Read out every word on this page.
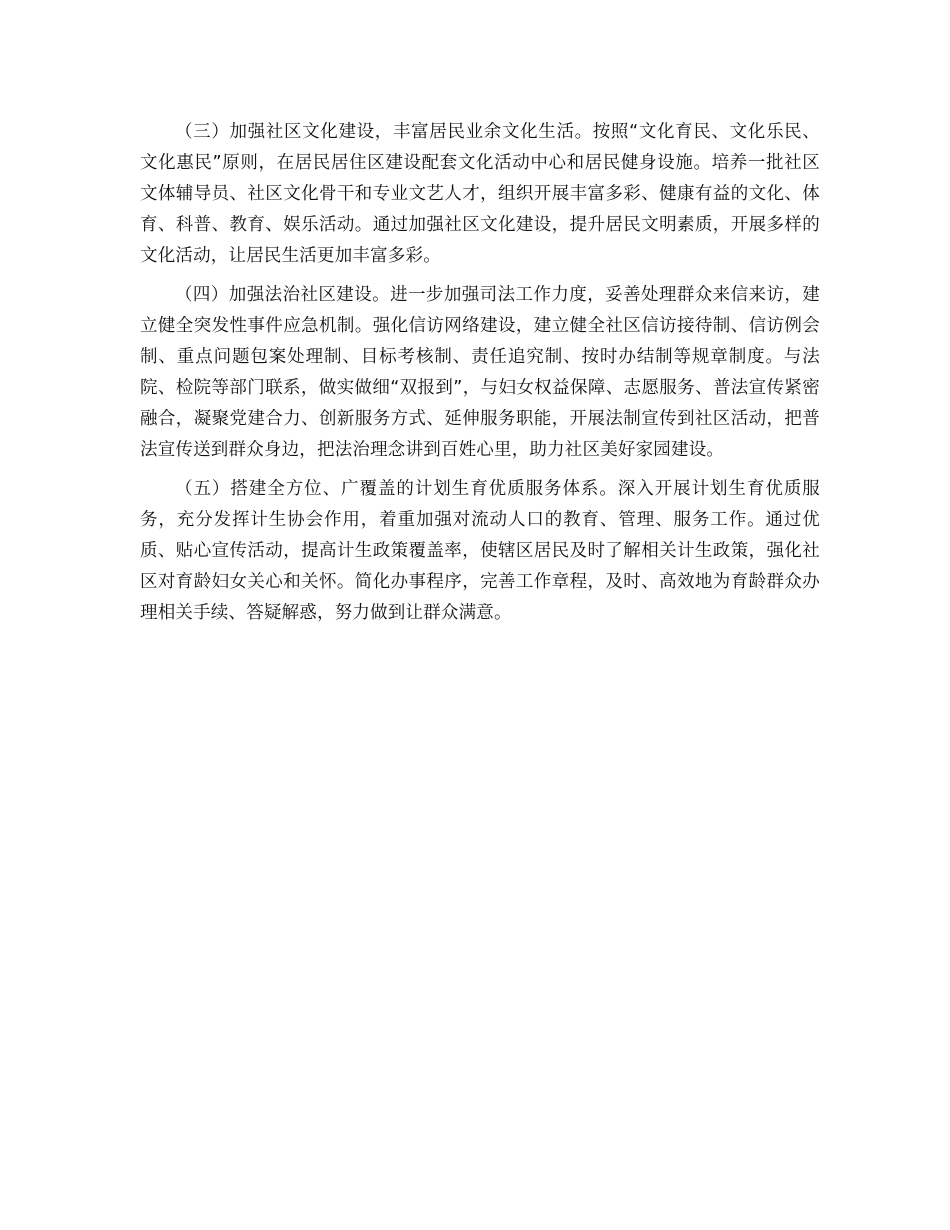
（三）加强社区文化建设，丰富居民业余文化生活。按照“文化育民、文化乐民、文化惠民”原则，在居民居住区建设配套文化活动中心和居民健身设施。培养一批社区文体辅导员、社区文化骨干和专业文艺人才，组织开展丰富多彩、健康有益的文化、体育、科普、教育、娱乐活动。通过加强社区文化建设，提升居民文明素质，开展多样的文化活动，让居民生活更加丰富多彩。

（四）加强法治社区建设。进一步加强司法工作力度，妥善处理群众来信来访，建立健全突发性事件应急机制。强化信访网络建设，建立健全社区信访接待制、信访例会制、重点问题包案处理制、目标考核制、责任追究制、按时办结制等规章制度。与法院、检院等部门联系，做实做细“双报到”，与妇女权益保障、志愿服务、普法宣传紧密融合，凝聚党建合力、创新服务方式、延伸服务职能，开展法制宣传到社区活动，把普法宣传送到群众身边，把法治理念讲到百姓心里，助力社区美好家园建设。

（五）搭建全方位、广覆盖的计划生育优质服务体系。深入开展计划生育优质服务，充分发挥计生协会作用，着重加强对流动人口的教育、管理、服务工作。通过优质、贴心宣传活动，提高计生政策覆盖率，使辖区居民及时了解相关计生政策，强化社区对育龄妇女关心和关怀。简化办事程序，完善工作章程，及时、高效地为育龄群众办理相关手续、答疑解惑，努力做到让群众满意。
